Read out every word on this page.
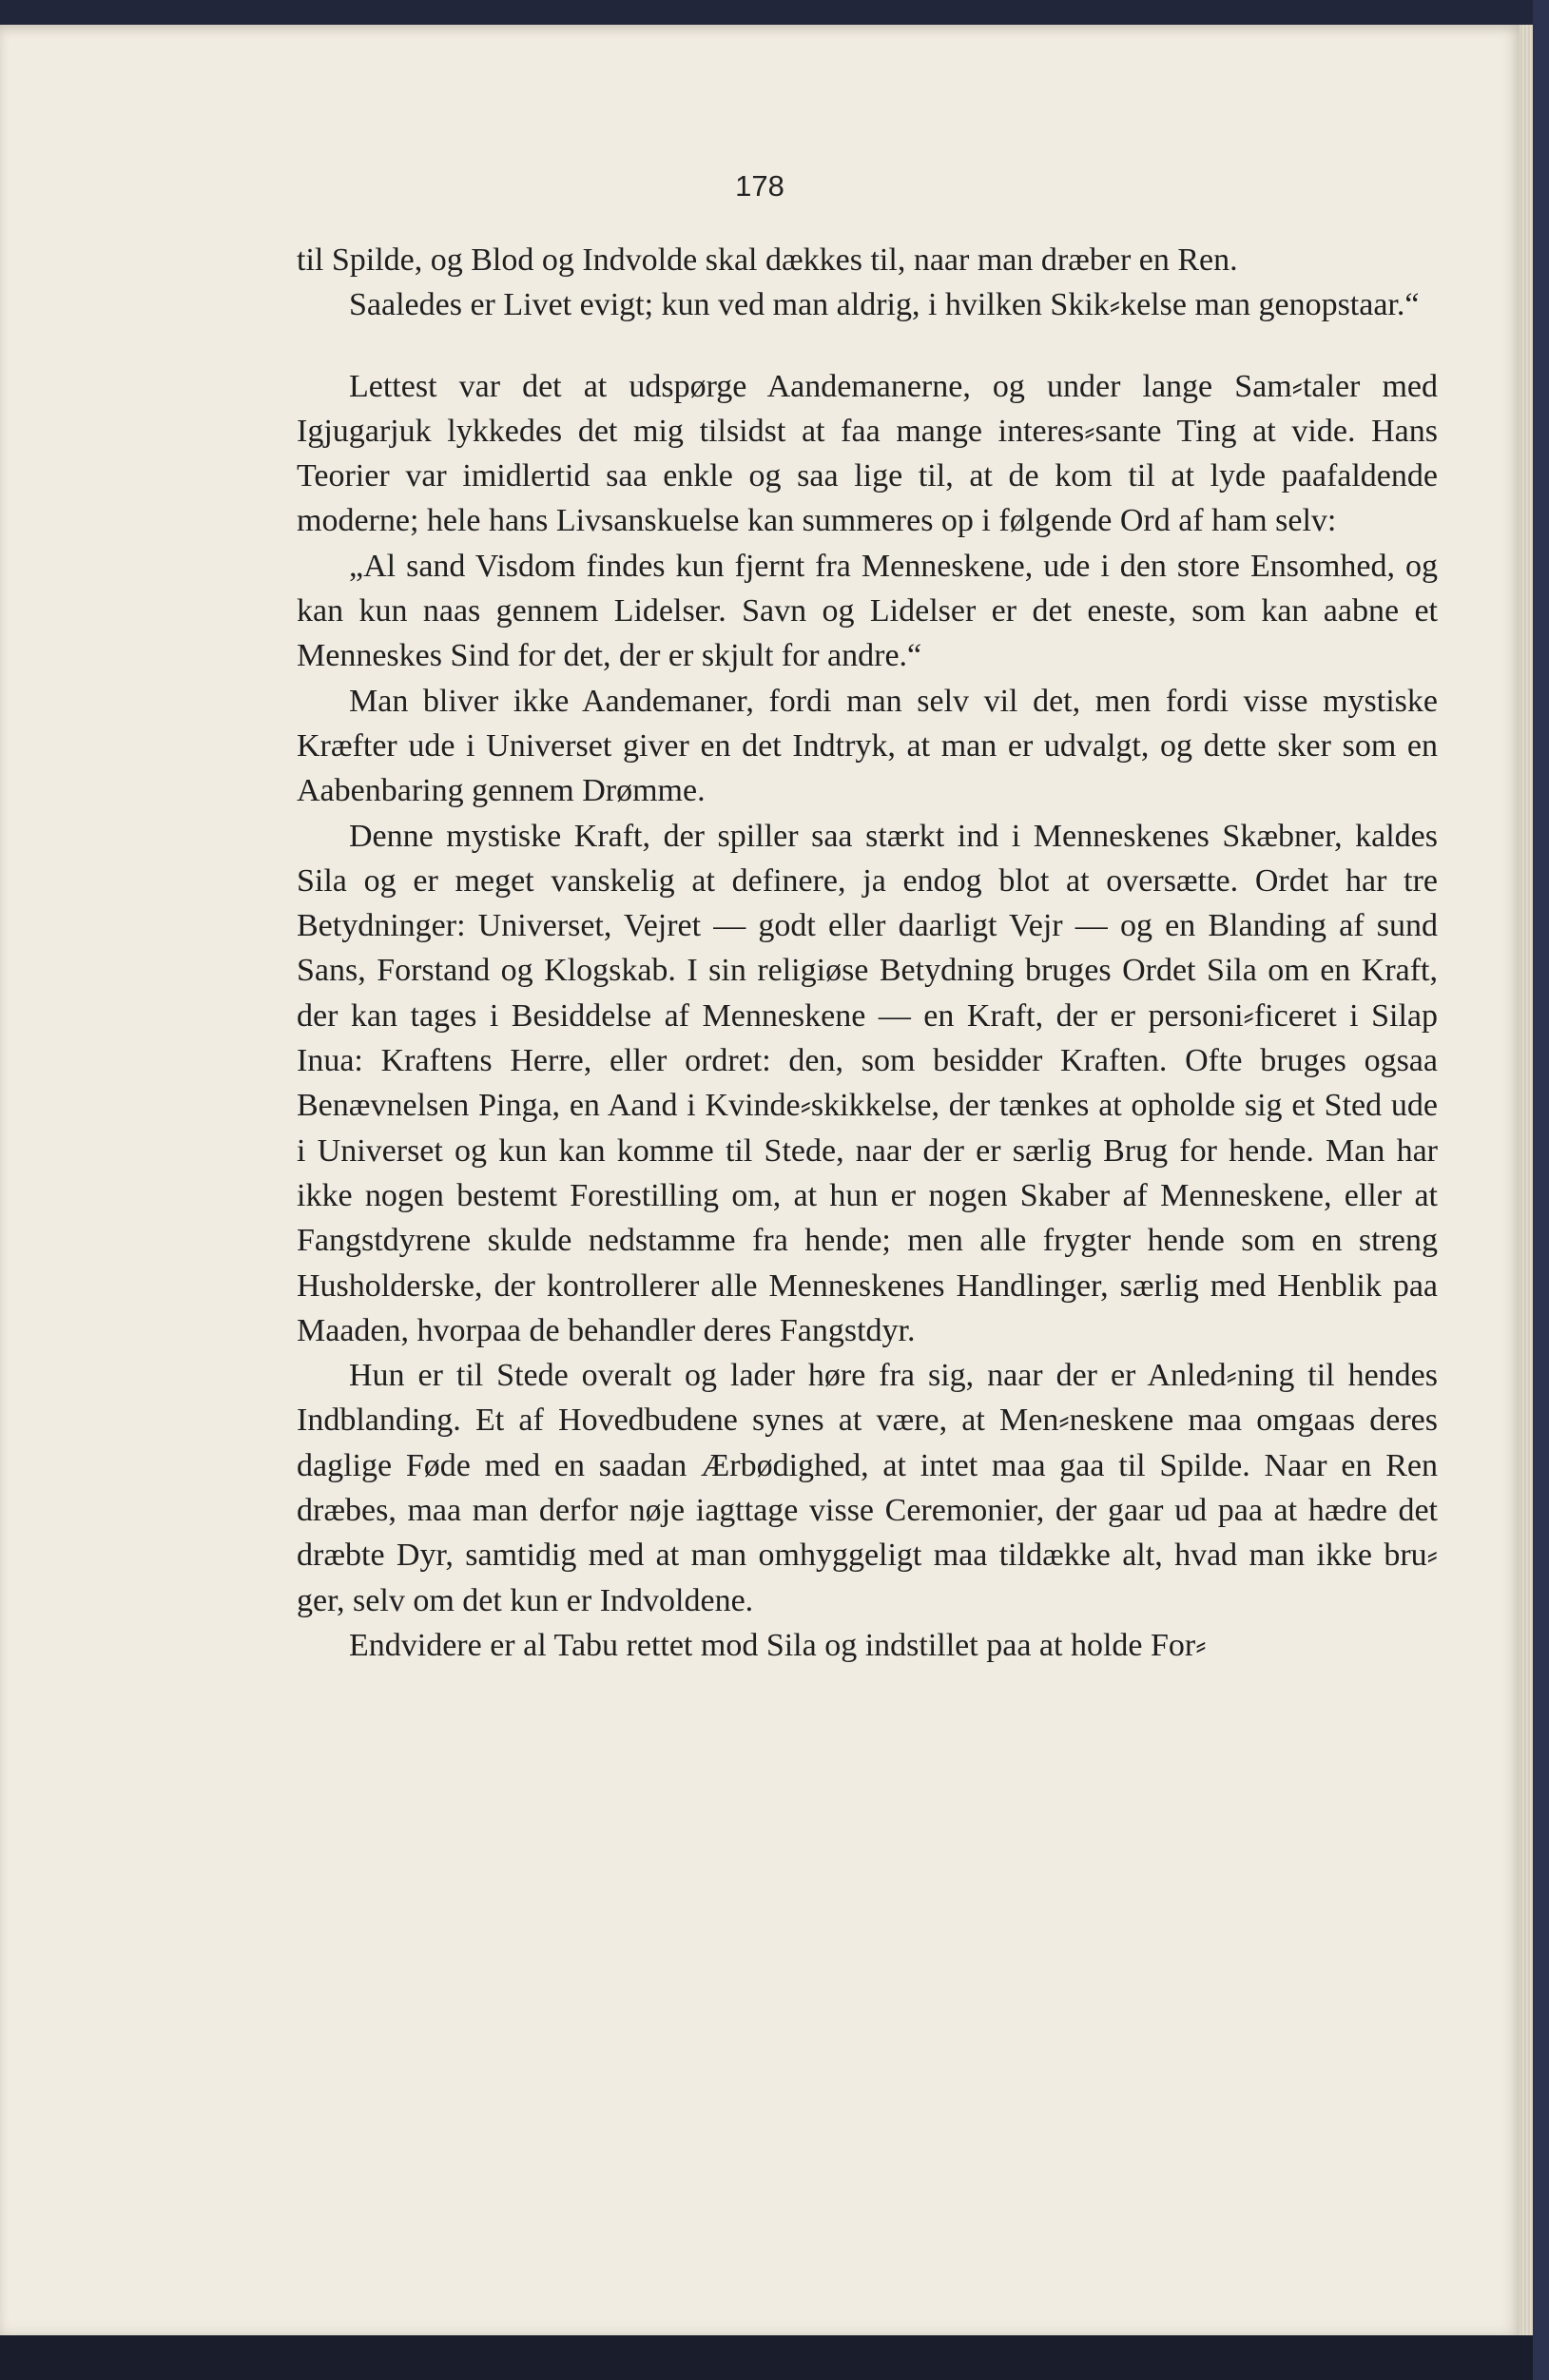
178

til Spilde, og Blod og Indvolde skal dækkes til, naar man dræber en Ren.

Saaledes er Livet evigt; kun ved man aldrig, i hvilken Skik⸗kelse man genopstaar.“

Lettest var det at udspørge Aandemanerne, og under lange Sam⸗taler med Igjugarjuk lykkedes det mig tilsidst at faa mange interes⸗sante Ting at vide. Hans Teorier var imidlertid saa enkle og saa lige til, at de kom til at lyde paafaldende moderne; hele hans Livsanskuelse kan summeres op i følgende Ord af ham selv:

„Al sand Visdom findes kun fjernt fra Menneskene, ude i den store Ensomhed, og kan kun naas gennem Lidelser. Savn og Lidelser er det eneste, som kan aabne et Menneskes Sind for det, der er skjult for andre.“

Man bliver ikke Aandemaner, fordi man selv vil det, men fordi visse mystiske Kræfter ude i Universet giver en det Indtryk, at man er udvalgt, og dette sker som en Aabenbaring gennem Drømme.

Denne mystiske Kraft, der spiller saa stærkt ind i Menneskenes Skæbner, kaldes Sila og er meget vanskelig at definere, ja endog blot at oversætte. Ordet har tre Betydninger: Universet, Vejret — godt eller daarligt Vejr — og en Blanding af sund Sans, Forstand og Klogskab. I sin religiøse Betydning bruges Ordet Sila om en Kraft, der kan tages i Besiddelse af Menneskene — en Kraft, der er personi⸗ficeret i Silap Inua: Kraftens Herre, eller ordret: den, som besidder Kraften. Ofte bruges ogsaa Benævnelsen Pinga, en Aand i Kvinde⸗skikkelse, der tænkes at opholde sig et Sted ude i Universet og kun kan komme til Stede, naar der er særlig Brug for hende. Man har ikke nogen bestemt Forestilling om, at hun er nogen Skaber af Menneskene, eller at Fangstdyrene skulde nedstamme fra hende; men alle frygter hende som en streng Husholderske, der kontrollerer alle Menneskenes Handlinger, særlig med Henblik paa Maaden, hvorpaa de behandler deres Fangstdyr.

Hun er til Stede overalt og lader høre fra sig, naar der er Anled⸗ning til hendes Indblanding. Et af Hovedbudene synes at være, at Men⸗neskene maa omgaas deres daglige Føde med en saadan Ærbødighed, at intet maa gaa til Spilde. Naar en Ren dræbes, maa man derfor nøje iagttage visse Ceremonier, der gaar ud paa at hædre det dræbte Dyr, samtidig med at man omhyggeligt maa tildække alt, hvad man ikke bru⸗ger, selv om det kun er Indvoldene.

Endvidere er al Tabu rettet mod Sila og indstillet paa at holde For⸗
